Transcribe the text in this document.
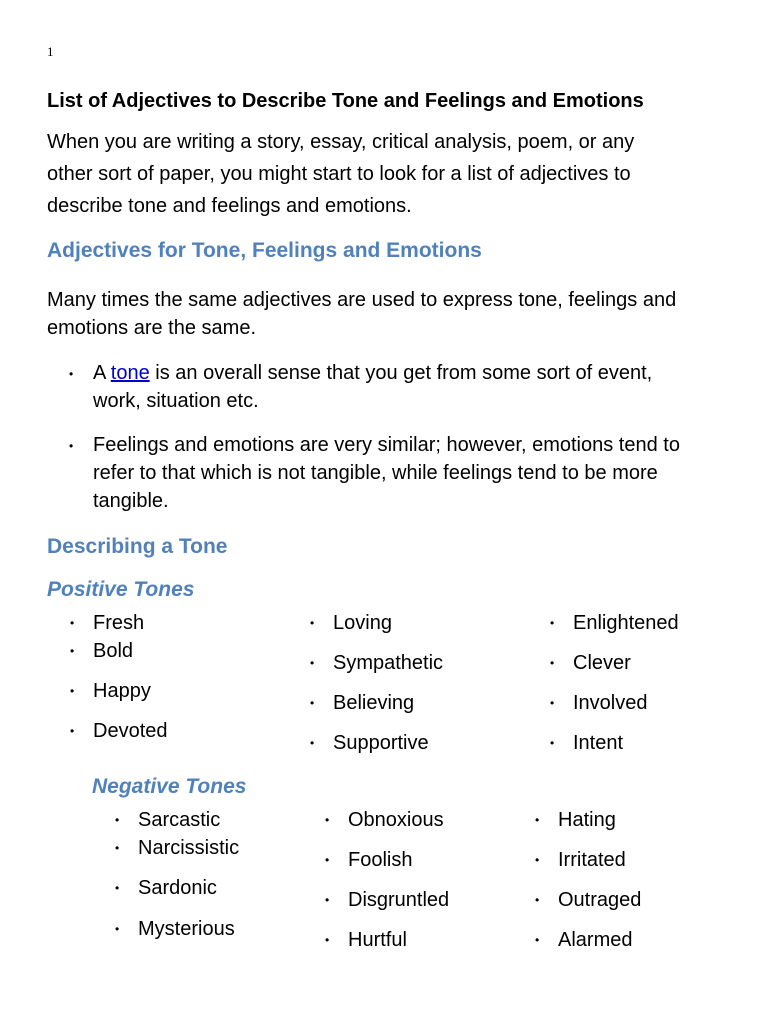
1
List of Adjectives to Describe Tone and Feelings and Emotions
When you are writing a story, essay, critical analysis, poem, or any
other sort of paper, you might start to look for a list of adjectives to
describe tone and feelings and emotions.
Adjectives for Tone, Feelings and Emotions
Many times the same adjectives are used to express tone, feelings and
emotions are the same.
• A tone is an overall sense that you get from some sort of event,
work, situation etc.
• Feelings and emotions are very similar; however, emotions tend to
refer to that which is not tangible, while feelings tend to be more
tangible.
Describing a Tone
Positive Tones
• Fresh
• Bold
• Happy
• Devoted
• Loving
• Sympathetic
• Believing
• Supportive
• Enlightened
• Clever
• Involved
• Intent
Negative Tones
• Sarcastic
• Narcissistic
• Sardonic
• Mysterious
• Obnoxious
• Foolish
• Disgruntled
• Hurtful
• Hating
• Irritated
• Outraged
• Alarmed
